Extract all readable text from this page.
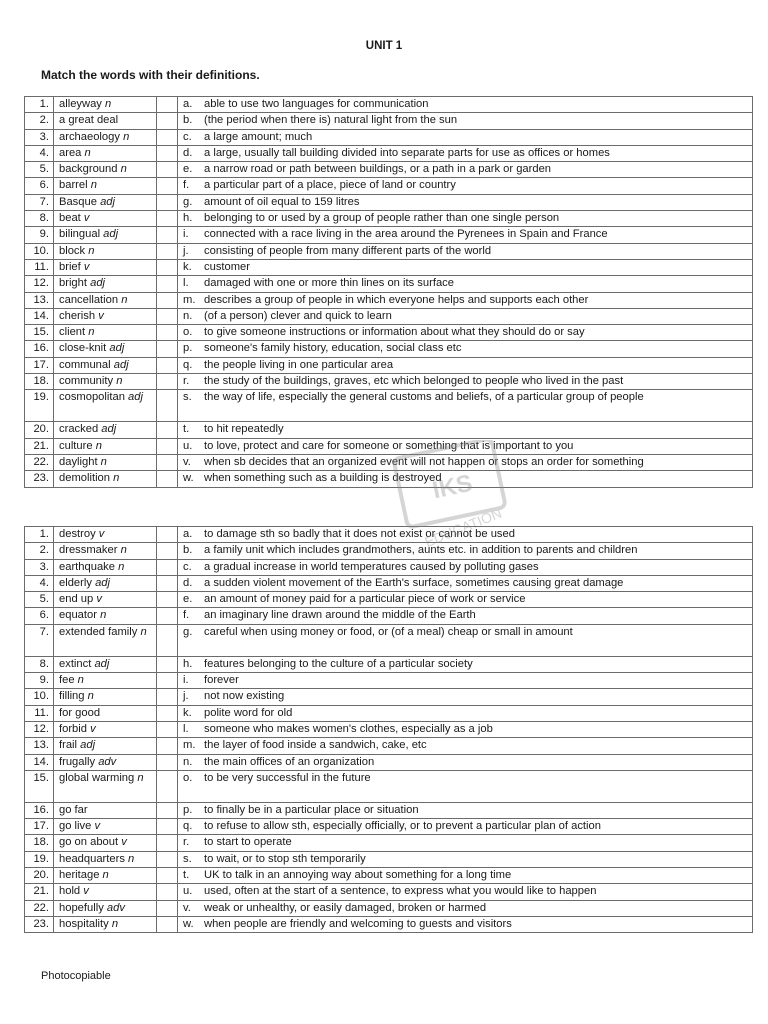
UNIT 1
Match the words with their definitions.
1.	alleyway n		a. able to use two languages for communication
2.	a great deal		b. (the period when there is) natural light from the sun
3.	archaeology n		c. a large amount; much
4.	area n		d. a large, usually tall building divided into separate parts for use as offices or homes
5.	background n		e. a narrow road or path between buildings, or a path in a park or garden
6.	barrel n		f. a particular part of a place, piece of land or country
7.	Basque adj		g. amount of oil equal to 159 litres
8.	beat v		h. belonging to or used by a group of people rather than one single person
9.	bilingual adj		i. connected with a race living in the area around the Pyrenees in Spain and France
10.	block n		j. consisting of people from many different parts of the world
11.	brief v		k. customer
12.	bright adj		l. damaged with one or more thin lines on its surface
13.	cancellation n		m. describes a group of people in which everyone helps and supports each other
14.	cherish v		n. (of a person) clever and quick to learn
15.	client n		o. to give someone instructions or information about what they should do or say
16.	close-knit adj		p. someone's family history, education, social class etc
17.	communal adj		q. the people living in one particular area
18.	community n		r. the study of the buildings, graves, etc which belonged to people who lived in the past
19.	cosmopolitan adj		s. the way of life, especially the general customs and beliefs, of a particular group of people
20.	cracked adj		t. to hit repeatedly
21.	culture n		u. to love, protect and care for someone or something that is important to you
22.	daylight n		v. when sb decides that an organized event will not happen or stops an order for something
23.	demolition n		w. when something such as a building is destroyed
1.	destroy v		a. to damage sth so badly that it does not exist or cannot be used
2.	dressmaker n		b. a family unit which includes grandmothers, aunts etc. in addition to parents and children
3.	earthquake n		c. a gradual increase in world temperatures caused by polluting gases
4.	elderly adj		d. a sudden violent movement of the Earth's surface, sometimes causing great damage
5.	end up v		e. an amount of money paid for a particular piece of work or service
6.	equator n		f. an imaginary line drawn around the middle of the Earth
7.	extended family n		g. careful when using money or food, or (of a meal) cheap or small in amount
8.	extinct adj		h. features belonging to the culture of a particular society
9.	fee n		i. forever
10.	filling n		j. not now existing
11.	for good		k. polite word for old
12.	forbid v		l. someone who makes women's clothes, especially as a job
13.	frail adj		m. the layer of food inside a sandwich, cake, etc
14.	frugally adv		n. the main offices of an organization
15.	global warming n		o. to be very successful in the future
16.	go far		p. to finally be in a particular place or situation
17.	go live v		q. to refuse to allow sth, especially officially, or to prevent a particular plan of action
18.	go on about v		r. to start to operate
19.	headquarters n		s. to wait, or to stop sth temporarily
20.	heritage n		t. UK to talk in an annoying way about something for a long time
21.	hold v		u. used, often at the start of a sentence, to express what you would like to happen
22.	hopefully adv		v. weak or unhealthy, or easily damaged, broken or harmed
23.	hospitality n		w. when people are friendly and welcoming to guests and visitors
IKS
EDUCATION
Photocopiable
